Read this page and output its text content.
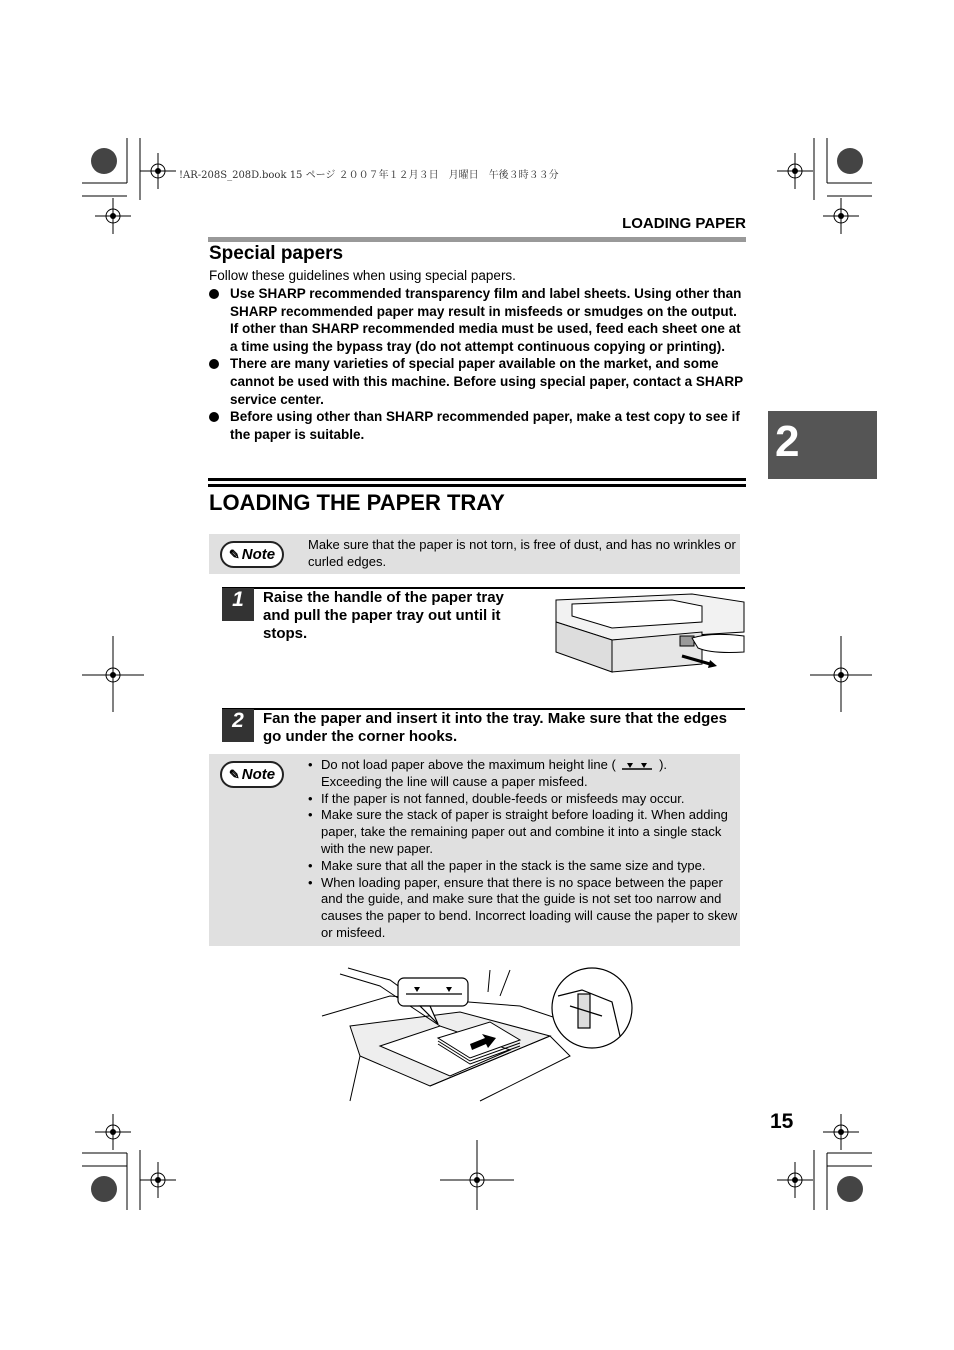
!AR-208S_208D.book 15 ページ ２００７年１２月３日　月曜日　午後３時３３分
LOADING PAPER
Special papers
Follow these guidelines when using special papers.
Use SHARP recommended transparency film and label sheets. Using other than SHARP recommended paper may result in misfeeds or smudges on the output. If other than SHARP recommended media must be used, feed each sheet one at a time using the bypass tray (do not attempt continuous copying or printing).
There are many varieties of special paper available on the market, and some cannot be used with this machine. Before using special paper, contact a SHARP service center.
Before using other than SHARP recommended paper, make a test copy to see if the paper is suitable.	2
LOADING THE PAPER TRAY
✎ Note
Make sure that the paper is not torn, is free of dust, and has no wrinkles or curled edges.
1 Raise the handle of the paper tray and pull the paper tray out until it stops.
2 Fan the paper and insert it into the tray. Make sure that the edges go under the corner hooks.
✎ Note
• Do not load paper above the maximum height line (	).
Exceeding the line will cause a paper misfeed.
• If the paper is not fanned, double-feeds or misfeeds may occur.
• Make sure the stack of paper is straight before loading it. When adding paper, take the remaining paper out and combine it into a single stack with the new paper.
• Make sure that all the paper in the stack is the same size and type.
• When loading paper, ensure that there is no space between the paper and the guide, and make sure that the guide is not set too narrow and causes the paper to bend. Incorrect loading will cause the paper to skew or misfeed.
15
